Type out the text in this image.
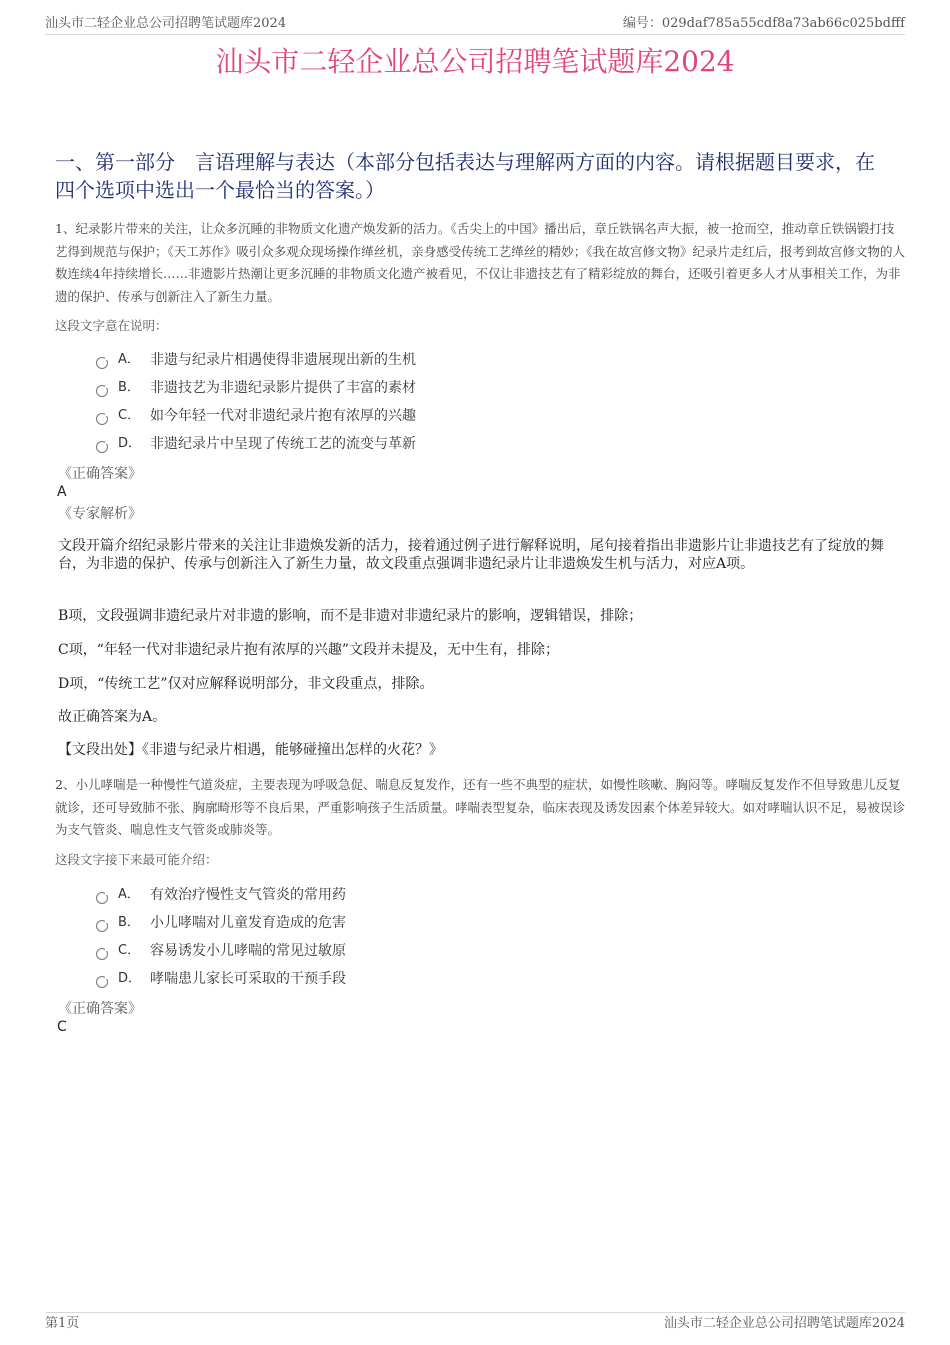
汕头市二轻企业总公司招聘笔试题库2024	编号：029daf785a55cdf8a73ab66c025bdfff
汕头市二轻企业总公司招聘笔试题库2024
一、第一部分　言语理解与表达（本部分包括表达与理解两方面的内容。请根据题目要求，在四个选项中选出一个最恰当的答案。）

1、纪录影片带来的关注，让众多沉睡的非物质文化遗产焕发新的活力。《舌尖上的中国》播出后，章丘铁锅名声大振，被一抢而空，推动章丘铁锅锻打技艺得到规范与保护；《天工苏作》吸引众多观众现场操作缂丝机，亲身感受传统工艺缂丝的精妙；《我在故宫修文物》纪录片走红后，报考到故宫修文物的人数连续4年持续增长……非遗影片热潮让更多沉睡的非物质文化遗产被看见，不仅让非遗技艺有了精彩绽放的舞台，还吸引着更多人才从事相关工作，为非遗的保护、传承与创新注入了新生力量。

这段文字意在说明：

A． 非遗与纪录片相遇使得非遗展现出新的生机
B． 非遗技艺为非遗纪录影片提供了丰富的素材
C． 如今年轻一代对非遗纪录片抱有浓厚的兴趣
D． 非遗纪录片中呈现了传统工艺的流变与革新

《正确答案》

A

《专家解析》

文段开篇介绍纪录影片带来的关注让非遗焕发新的活力，接着通过例子进行解释说明，尾句接着指出非遗影片让非遗技艺有了绽放的舞台，为非遗的保护、传承与创新注入了新生力量，故文段重点强调非遗纪录片让非遗焕发生机与活力，对应A项。

B项，文段强调非遗纪录片对非遗的影响，而不是非遗对非遗纪录片的影响，逻辑错误，排除；

C项，“年轻一代对非遗纪录片抱有浓厚的兴趣”文段并未提及，无中生有，排除；

D项，“传统工艺”仅对应解释说明部分，非文段重点，排除。

故正确答案为A。

【文段出处】《非遗与纪录片相遇，能够碰撞出怎样的火花？》

2、小儿哮喘是一种慢性气道炎症，主要表现为呼吸急促、喘息反复发作，还有一些不典型的症状，如慢性咳嗽、胸闷等。哮喘反复发作不但导致患儿反复就诊，还可导致肺不张、胸廓畸形等不良后果，严重影响孩子生活质量。哮喘表型复杂，临床表现及诱发因素个体差异较大。如对哮喘认识不足，易被误诊为支气管炎、喘息性支气管炎或肺炎等。

这段文字接下来最可能介绍：

A． 有效治疗慢性支气管炎的常用药
B． 小儿哮喘对儿童发育造成的危害
C． 容易诱发小儿哮喘的常见过敏原
D． 哮喘患儿家长可采取的干预手段

《正确答案》

C

第1页	汕头市二轻企业总公司招聘笔试题库2024
